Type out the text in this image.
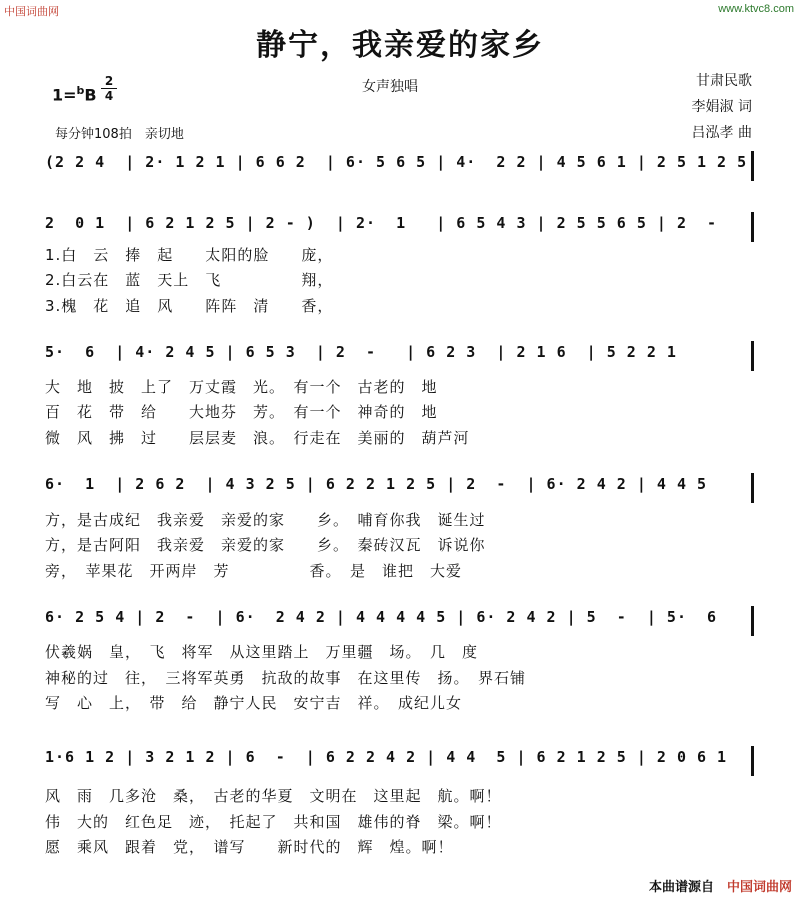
中国词曲网	www.ktvc8.com
静宁，我亲爱的家乡
女声独唱	甘肃民歌
李娟淑 词
吕泓孝 曲
1=$^b$B
2
4
每分钟108拍　亲切地
(2 2 4  | 2· 1 2 1 | 6 6 2  | 6· 5 6 5 | 4·  2 2 | 4 5 6 1 | 2 5 1 2 5
2  0 1  | 6 2 1 2 5 | 2 - )  | 2·  1   | 6 5 4 3 | 2 5 5 6 5 | 2  -
1.白　云　捧　起　　太阳的脸　　庞，
2.白云在　蓝　天上　飞　　　　　翔，
3.槐　花　追　风　　阵阵　清　　香，
5·  6  | 4· 2 4 5 | 6 5 3  | 2  -   | 6 2 3  | 2 1 6  | 5 2 2 1
大　地　披　上了　万丈霞　光。　有一个　古老的　地
百　花　带　给　　大地芬　芳。　有一个　神奇的　地
微　风　拂　过　　层层麦　浪。　行走在　美丽的　葫芦河
6·  1  | 2 6 2  | 4 3 2 5 | 6 2 2 1 2 5 | 2  -  | 6· 2 4 2 | 4 4 5
方，是古成纪　我亲爱　亲爱的家　　乡。　哺育你我　诞生过
方，是古阿阳　我亲爱　亲爱的家　　乡。　秦砖汉瓦　诉说你
旁，　苹果花　开两岸　芳　　　　　香。　是　谁把　大爱
6· 2 5 4 | 2  -  | 6·  2 4 2 | 4 4 4 4 5 | 6· 2 4 2 | 5  -  | 5·  6
伏羲娲　皇，　飞　将军　从这里踏上　万里疆　场。　几　度
神秘的过　往，　三将军英勇　抗敌的故事　在这里传　扬。　界石铺
写　心　上，　带　给　静宁人民　安宁吉　祥。　成纪儿女
1·6 1 2 | 3 2 1 2 | 6  -  | 6 2 2 4 2 | 4 4  5 | 6 2 1 2 5 | 2 0 6 1
风　雨　几多沧　桑，　古老的华夏　文明在　这里起　航。啊！
伟　大的　红色足　迹，　托起了　共和国　雄伟的脊　梁。啊！
愿　乘风　跟着　党，　谱写　　新时代的　辉　煌。啊！
本曲谱源自　 中国词曲网
